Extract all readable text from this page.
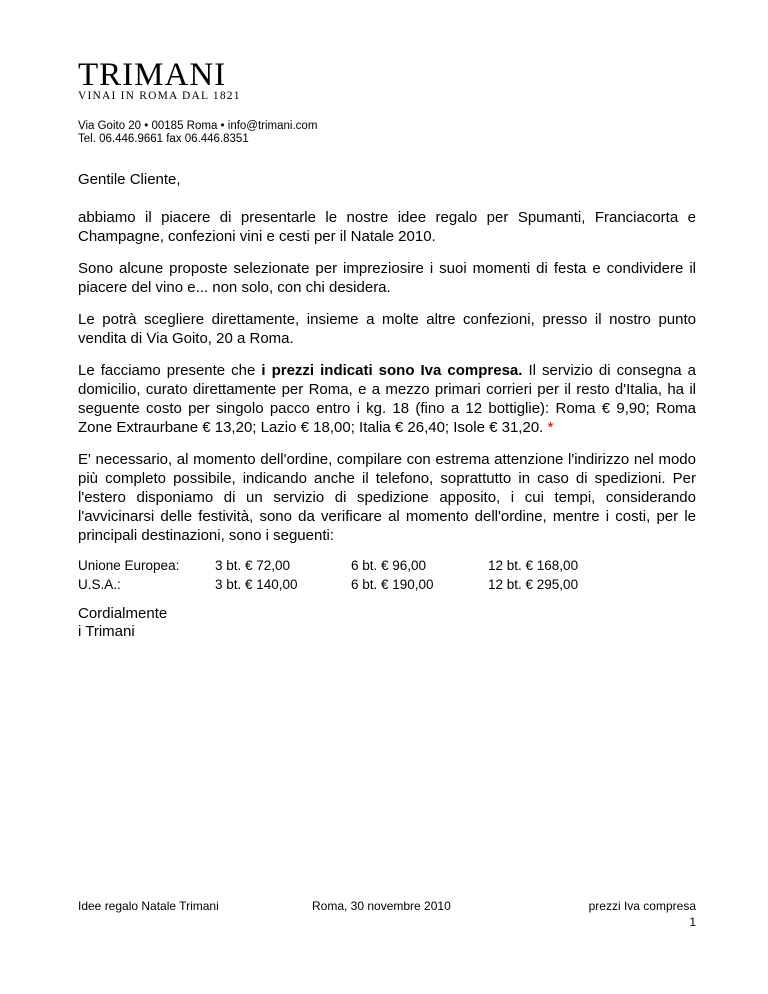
TRIMANI
VINAI IN ROMA DAL 1821
Via Goito 20 • 00185 Roma • info@trimani.com
Tel. 06.446.9661 fax 06.446.8351
Gentile Cliente,

abbiamo il piacere di presentarle le nostre idee regalo per Spumanti, Franciacorta e Champagne, confezioni vini e cesti per il Natale 2010.

Sono alcune proposte selezionate per impreziosire i suoi momenti di festa e condividere il piacere del vino e... non solo, con chi desidera.

Le potrà scegliere direttamente, insieme a molte altre confezioni, presso il nostro punto vendita di Via Goito, 20 a Roma.

Le facciamo presente che i prezzi indicati sono Iva compresa. Il servizio di consegna a domicilio, curato direttamente per Roma, e a mezzo primari corrieri per il resto d'Italia, ha il seguente costo per singolo pacco entro i kg. 18 (fino a 12 bottiglie): Roma € 9,90; Roma Zone Extraurbane € 13,20; Lazio € 18,00; Italia € 26,40; Isole € 31,20. *

E' necessario, al momento dell'ordine, compilare con estrema attenzione l'indirizzo nel modo più completo possibile, indicando anche il telefono, soprattutto in caso di spedizioni. Per l'estero disponiamo di un servizio di spedizione apposito, i cui tempi, considerando l'avvicinarsi delle festività, sono da verificare al momento dell'ordine, mentre i costi, per le principali destinazioni, sono i seguenti:

Unione Europea:	3 bt. € 72,00	6 bt. € 96,00	12 bt. € 168,00
U.S.A.:	3 bt. € 140,00	6 bt. € 190,00	12 bt. € 295,00
Cordialmente
i Trimani
Idee regalo Natale Trimani	Roma, 30 novembre 2010	prezzi Iva compresa
1
